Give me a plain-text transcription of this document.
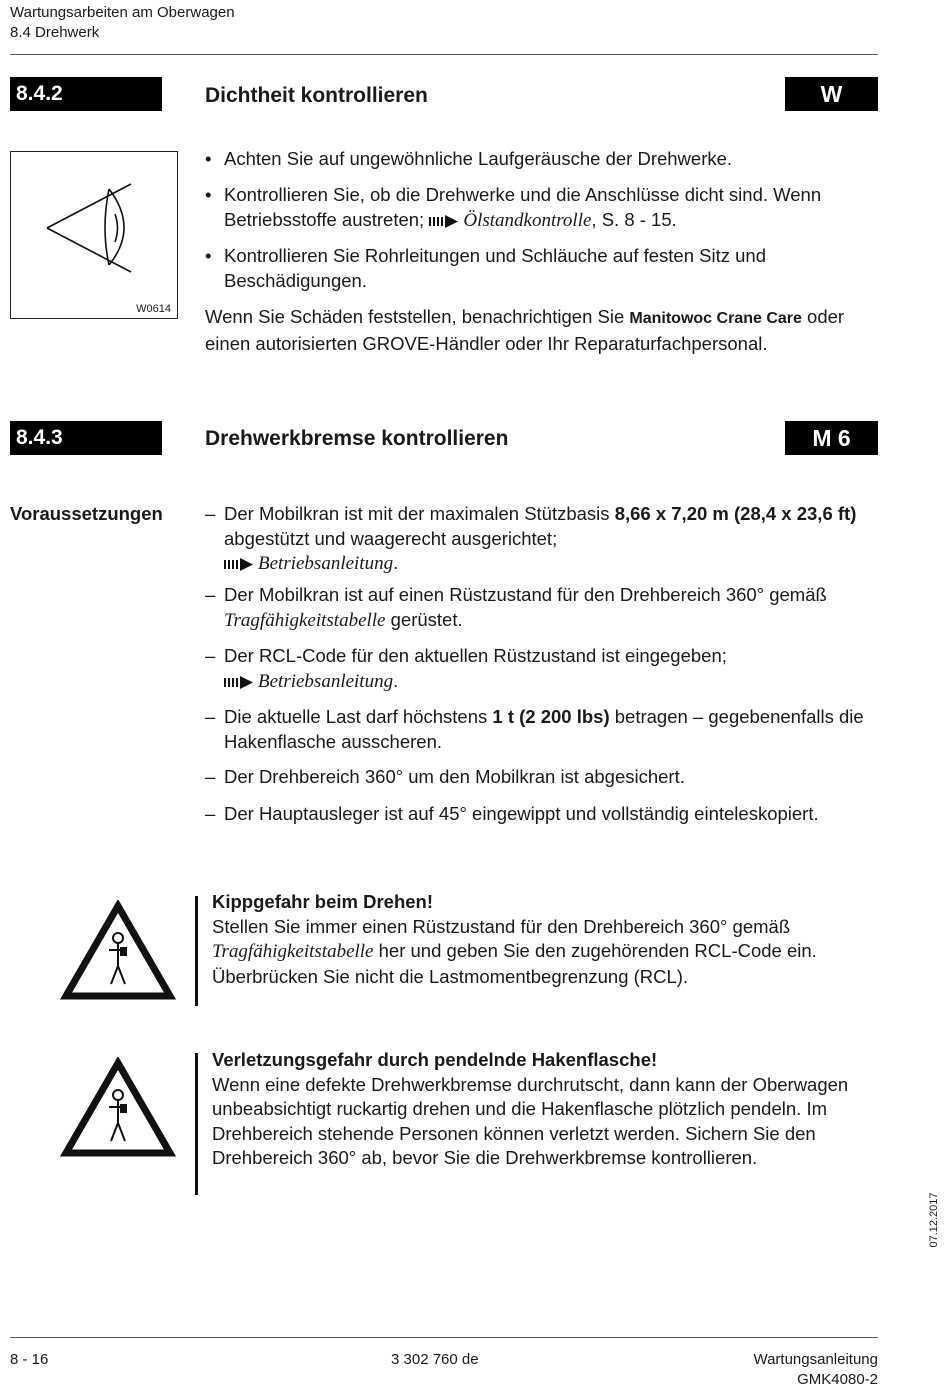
Wartungsarbeiten am Oberwagen
8.4 Drehwerk
8.4.2	Dichtheit kontrollieren	W
W0614
• Achten Sie auf ungewöhnliche Laufgeräusche der Drehwerke.
• Kontrollieren Sie, ob die Drehwerke und die Anschlüsse dicht sind. Wenn Betriebsstoffe austreten; Ölstandkontrolle, S. 8 - 15.
• Kontrollieren Sie Rohrleitungen und Schläuche auf festen Sitz und Beschädigungen.
Wenn Sie Schäden feststellen, benachrichtigen Sie Manitowoc Crane Care oder einen autorisierten GROVE-Händler oder Ihr Reparaturfachpersonal.
8.4.3	Drehwerkbremse kontrollieren	M 6
Voraussetzungen – Der Mobilkran ist mit der maximalen Stützbasis 8,66 x 7,20 m (28,4 x 23,6 ft) abgestützt und waagerecht ausgerichtet;
Betriebsanleitung.
– Der Mobilkran ist auf einen Rüstzustand für den Drehbereich 360° gemäß Tragfähigkeitstabelle gerüstet.
– Der RCL-Code für den aktuellen Rüstzustand ist eingegeben;
Betriebsanleitung.
– Die aktuelle Last darf höchstens 1 t (2 200 lbs) betragen – gegebenenfalls die Hakenflasche ausscheren.
– Der Drehbereich 360° um den Mobilkran ist abgesichert.
– Der Hauptausleger ist auf 45° eingewippt und vollständig einteleskopiert.
Kippgefahr beim Drehen!
Stellen Sie immer einen Rüstzustand für den Drehbereich 360° gemäß Tragfähigkeitstabelle her und geben Sie den zugehörenden RCL-Code ein. Überbrücken Sie nicht die Lastmomentbegrenzung (RCL).
Verletzungsgefahr durch pendelnde Hakenflasche!
Wenn eine defekte Drehwerkbremse durchrutscht, dann kann der Oberwagen unbeabsichtigt ruckartig drehen und die Hakenflasche plötzlich pendeln. Im Drehbereich stehende Personen können verletzt werden. Sichern Sie den Drehbereich 360° ab, bevor Sie die Drehwerkbremse kontrollieren.
07.12.2017
8 - 16	3 302 760 de	Wartungsanleitung
GMK4080-2
